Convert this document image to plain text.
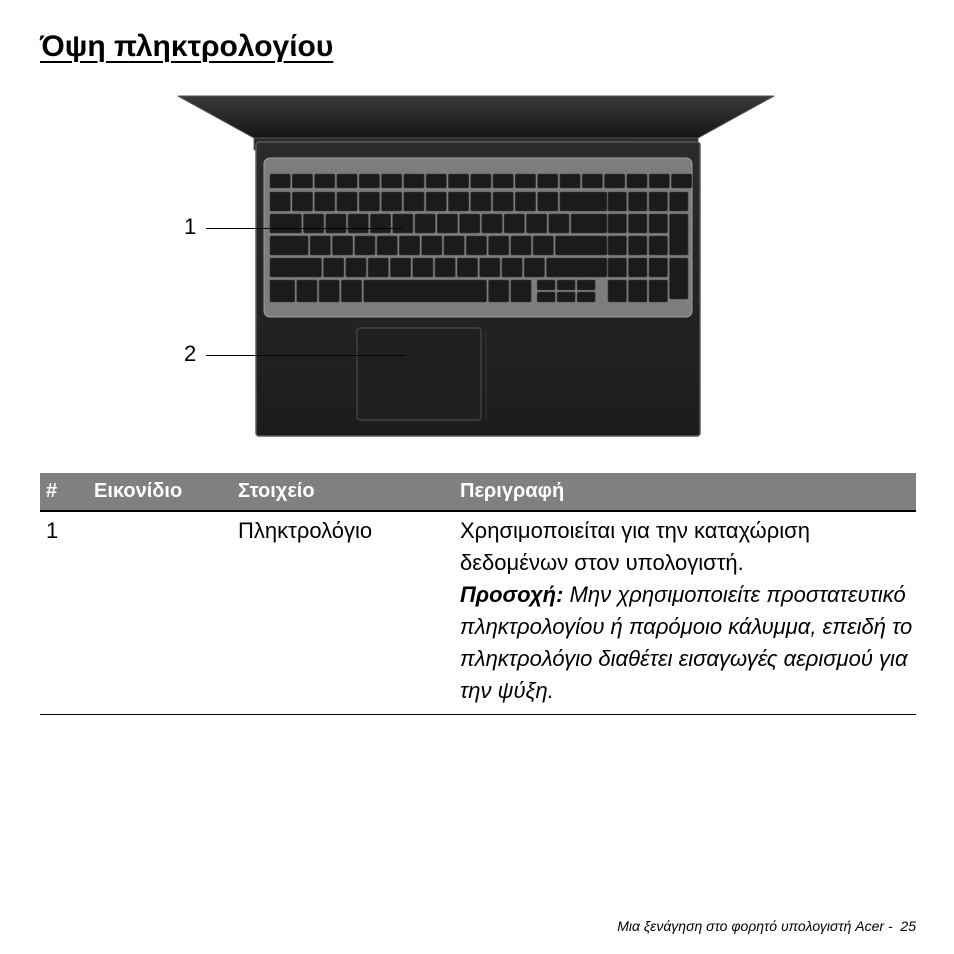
Όψη πληκτρολογίου
1
2
#	Εικονίδιο	Στοιχείο	Περιγραφή
1		Πληκτρολόγιο	Χρησιμοποιείται για την καταχώριση δεδομένων στον υπολογιστή.
Προσοχή: Μην χρησιμοποιείτε προστατευτικό πληκτρολογίου ή παρόμοιο κάλυμμα, επειδή το πληκτρολόγιο διαθέτει εισαγωγές αερισμού για την ψύξη.
Μια ξενάγηση στο φορητό υπολογιστή Acer - 25
